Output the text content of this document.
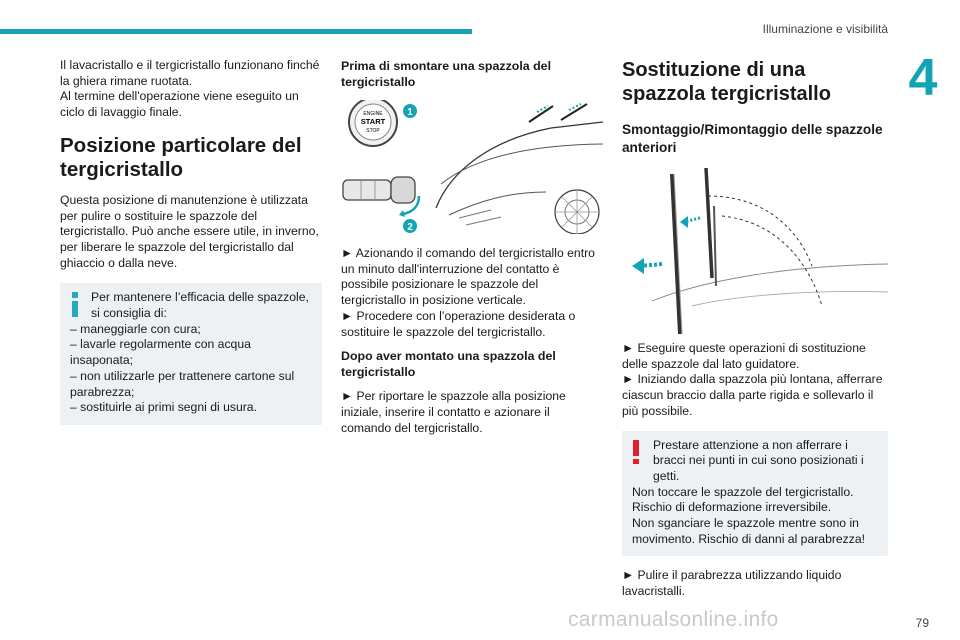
Illuminazione e visibilità
4

Il lavacristallo e il tergicristallo funzionano finché la ghiera rimane ruotata.

Al termine dell'operazione viene eseguito un ciclo di lavaggio finale.

Posizione particolare del tergicristallo

Questa posizione di manutenzione è utilizzata per pulire o sostituire le spazzole del tergicristallo. Può anche essere utile, in inverno, per liberare le spazzole del tergicristallo dal ghiaccio o dalla neve.

Per mantenere l’efficacia delle spazzole, si consiglia di:
– maneggiarle con cura;
– lavarle regolarmente con acqua insaponata;
– non utilizzarle per trattenere cartone sul parabrezza;
– sostituirle ai primi segni di usura.
Prima di smontare una spazzola del tergicristallo
ENGINE
START
STOP
1
2

► Azionando il comando del tergicristallo entro un minuto dall'interruzione del contatto è possibile posizionare le spazzole del tergicristallo in posizione verticale.

► Procedere con l’operazione desiderata o sostituire le spazzole del tergicristallo.

Dopo aver montato una spazzola del tergicristallo

► Per riportare le spazzole alla posizione iniziale, inserire il contatto e azionare il comando del tergicristallo.

Sostituzione di una spazzola tergicristallo
Smontaggio/Rimontaggio delle spazzole anteriori

► Eseguire queste operazioni di sostituzione delle spazzole dal lato guidatore.

► Iniziando dalla spazzola più lontana, afferrare ciascun braccio dalla parte rigida e sollevarlo il più possibile.

Prestare attenzione a non afferrare i bracci nei punti in cui sono posizionati i getti.
Non toccare le spazzole del tergicristallo.
Rischio di deformazione irreversibile.
Non sganciare le spazzole mentre sono in movimento. Rischio di danni al parabrezza!

► Pulire il parabrezza utilizzando liquido lavacristalli.

carmanualsonline.info	79
